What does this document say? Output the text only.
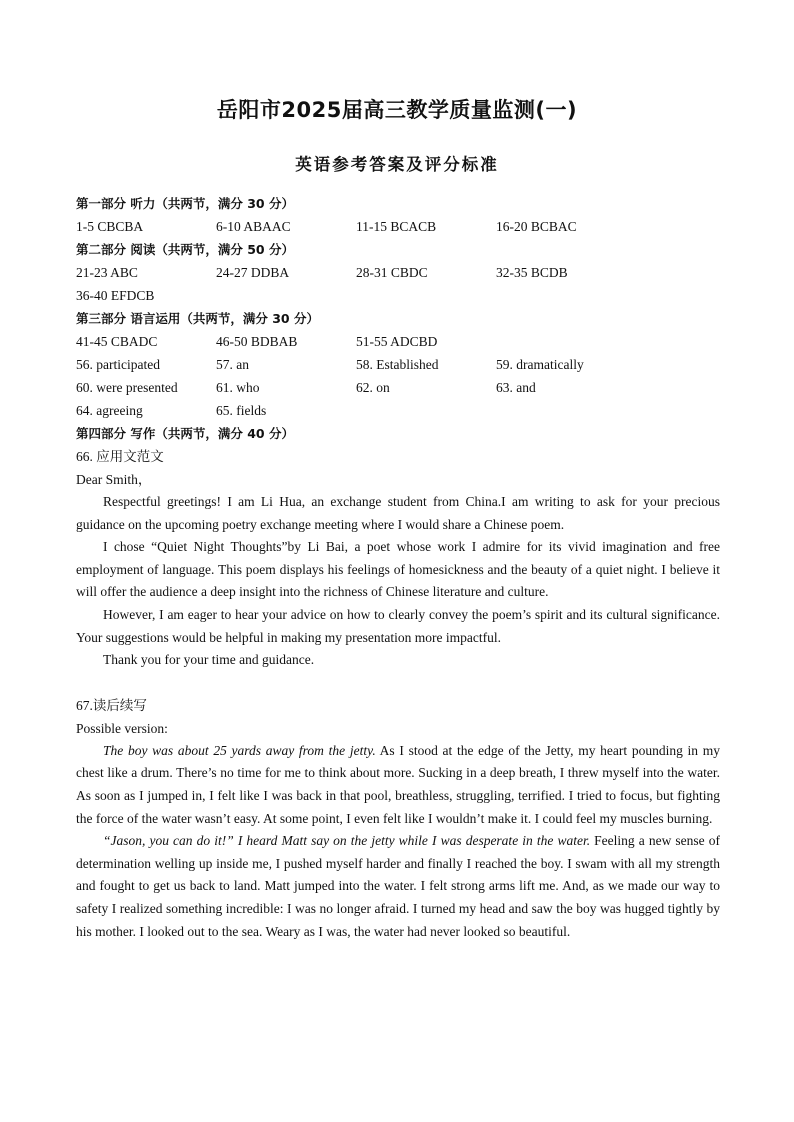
岳阳市2025届高三教学质量监测(一)
英语参考答案及评分标准
第一部分 听力（共两节，满分 30 分）
1-5 CBCBA	6-10 ABAAC	11-15 BCACB	16-20 BCBAC
第二部分 阅读（共两节，满分 50 分）
21-23 ABC	24-27 DDBA	28-31 CBDC	32-35 BCDB
36-40 EFDCB
第三部分 语言运用（共两节，满分 30 分）
41-45 CBADC	46-50 BDBAB	51-55 ADCBD
56. participated	57. an	58. Established	59. dramatically
60. were presented	61. who	62. on	63. and
64. agreeing	65. fields
第四部分 写作（共两节，满分 40 分）
66. 应用文范文
Dear Smith，

Respectful greetings! I am Li Hua, an exchange student from China.I am writing to ask for your precious guidance on the upcoming poetry exchange meeting where I would share a Chinese poem.

I chose “Quiet Night Thoughts”by Li Bai, a poet whose work I admire for its vivid imagination and free employment of language. This poem displays his feelings of homesickness and the beauty of a quiet night. I believe it will offer the audience a deep insight into the richness of Chinese literature and culture.

However, I am eager to hear your advice on how to clearly convey the poem’s spirit and its cultural significance. Your suggestions would be helpful in making my presentation more impactful.

Thank you for your time and guidance.

67.读后续写
Possible version:

The boy was about 25 yards away from the jetty. As I stood at the edge of the Jetty, my heart pounding in my chest like a drum. There’s no time for me to think about more. Sucking in a deep breath, I threw myself into the water. As soon as I jumped in, I felt like I was back in that pool, breathless, struggling, terrified. I tried to focus, but fighting the force of the water wasn’t easy. At some point, I even felt like I wouldn’t make it. I could feel my muscles burning.

“Jason, you can do it!” I heard Matt say on the jetty while I was desperate in the water. Feeling a new sense of determination welling up inside me, I pushed myself harder and finally I reached the boy. I swam with all my strength and fought to get us back to land. Matt jumped into the water. I felt strong arms lift me. And, as we made our way to safety I realized something incredible: I was no longer afraid. I turned my head and saw the boy was hugged tightly by his mother. I looked out to the sea. Weary as I was, the water had never looked so beautiful.
